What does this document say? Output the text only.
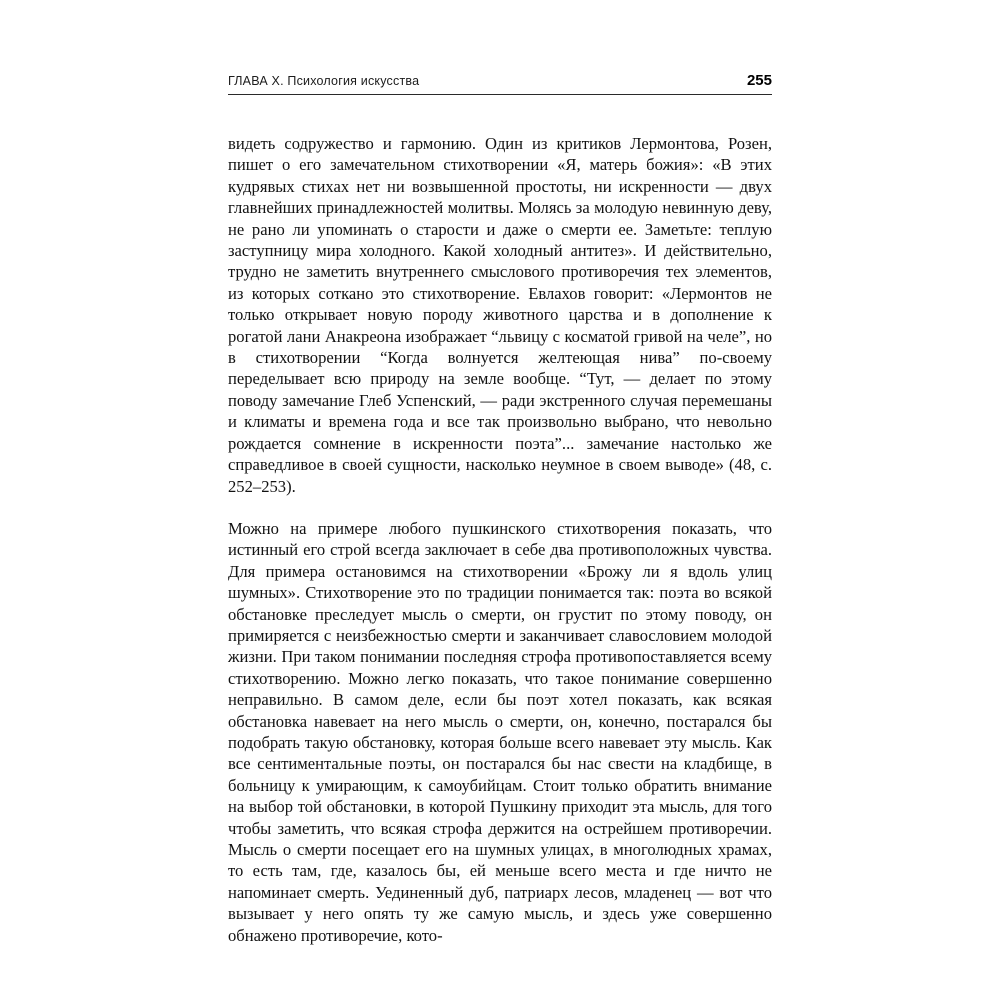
ГЛАВА X. Психология искусства	255

видеть содружество и гармонию. Один из критиков Лермонтова, Розен, пишет о его замечательном стихотворении «Я, матерь божия»: «В этих кудрявых стихах нет ни возвышенной простоты, ни искренности — двух главнейших принадлежностей молитвы. Молясь за молодую невинную деву, не рано ли упоминать о старости и даже о смерти ее. Заметьте: теплую заступницу мира холодного. Какой холодный антитез». И действительно, трудно не заметить внутреннего смыслового противоречия тех элементов, из которых соткано это стихотворение. Евлахов говорит: «Лермонтов не только открывает новую породу животного царства и в дополнение к рогатой лани Анакреона изображает “львицу с косматой гривой на челе”, но в стихотворении “Когда волнуется желтеющая нива” по-своему переделывает всю природу на земле вообще. “Тут, — делает по этому поводу замечание Глеб Успенский, — ради экстренного случая перемешаны и климаты и времена года и все так произвольно выбрано, что невольно рождается сомнение в искренности поэта”... замечание настолько же справедливое в своей сущности, насколько неумное в своем выводе» (48, с. 252–253).

Можно на примере любого пушкинского стихотворения показать, что истинный его строй всегда заключает в себе два противоположных чувства. Для примера остановимся на стихотворении «Брожу ли я вдоль улиц шумных». Стихотворение это по традиции понимается так: поэта во всякой обстановке преследует мысль о смерти, он грустит по этому поводу, он примиряется с неизбежностью смерти и заканчивает славословием молодой жизни. При таком понимании последняя строфа противопоставляется всему стихотворению. Можно легко показать, что такое понимание совершенно неправильно. В самом деле, если бы поэт хотел показать, как всякая обстановка навевает на него мысль о смерти, он, конечно, постарался бы подобрать такую обстановку, которая больше всего навевает эту мысль. Как все сентиментальные поэты, он постарался бы нас свести на кладбище, в больницу к умирающим, к самоубийцам. Стоит только обратить внимание на выбор той обстановки, в которой Пушкину приходит эта мысль, для того чтобы заметить, что всякая строфа держится на острейшем противоречии. Мысль о смерти посещает его на шумных улицах, в многолюдных храмах, то есть там, где, казалось бы, ей меньше всего места и где ничто не напоминает смерть. Уединенный дуб, патриарх лесов, младенец — вот что вызывает у него опять ту же самую мысль, и здесь уже совершенно обнажено противоречие, кото-
